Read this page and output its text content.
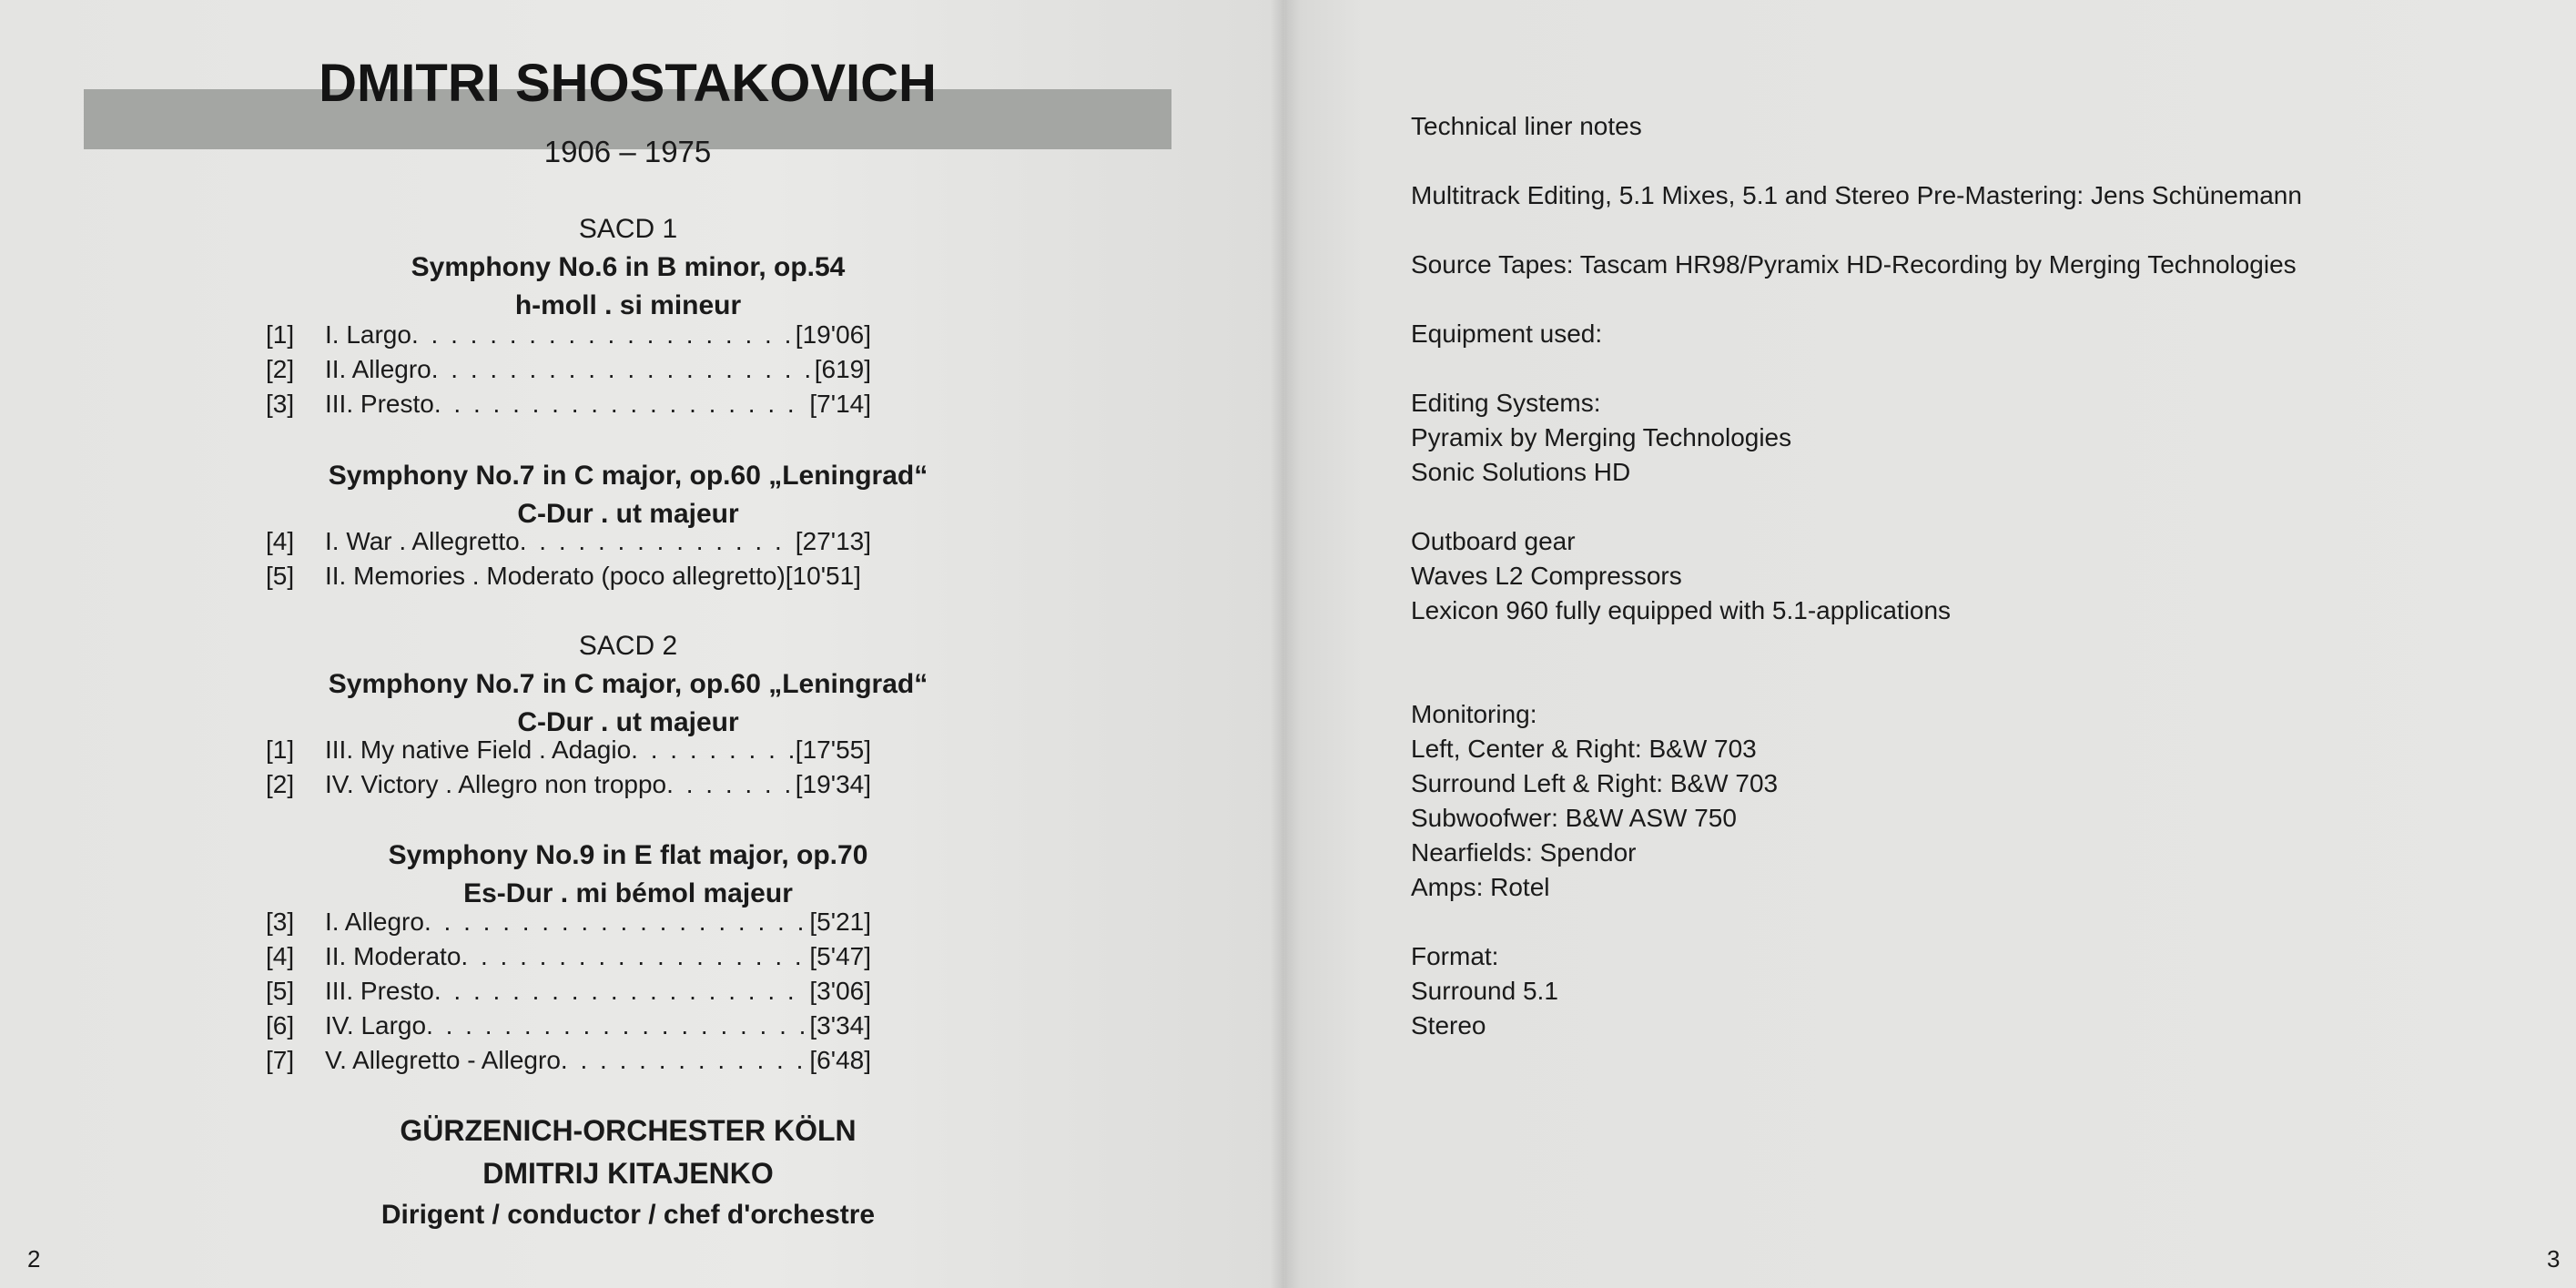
DMITRI SHOSTAKOVICH
1906 – 1975
SACD 1
Symphony No.6 in B minor, op.54
h-moll . si mineur
[1] I. Largo . . .	[19'06]
[2] II. Allegro . . .	[619]
[3] III. Presto . . .	[7'14]
Symphony No.7 in C major, op.60 „Leningrad“
C-Dur . ut majeur
[4] I. War . Allegretto . . .	[27'13]
[5] II. Memories . Moderato (poco allegretto) [10'51]
SACD 2
Symphony No.7 in C major, op.60 „Leningrad“
C-Dur . ut majeur
[1] III. My native Field . Adagio . . .	[17'55]
[2] IV. Victory . Allegro non troppo . . .	[19'34]
Symphony No.9 in E flat major, op.70
Es-Dur . mi bémol majeur
[3] I. Allegro . . .	[5'21]
[4] II. Moderato . . .	[5'47]
[5] III. Presto . . .	[3'06]
[6] IV. Largo . . .	[3'34]
[7] V. Allegretto - Allegro . . .	[6'48]
GÜRZENICH-ORCHESTER KÖLN
DMITRIJ KITAJENKO
Dirigent / conductor / chef d'orchestre
2	3
Technical liner notes
Multitrack Editing, 5.1 Mixes, 5.1 and Stereo Pre-Mastering: Jens Schünemann
Source Tapes: Tascam HR98/Pyramix HD-Recording by Merging Technologies
Equipment used:
Editing Systems:
Pyramix by Merging Technologies
Sonic Solutions HD
Outboard gear
Waves L2 Compressors
Lexicon 960 fully equipped with 5.1-applications
Monitoring:
Left, Center & Right: B&W 703
Surround Left & Right: B&W 703
Subwoofwer: B&W ASW 750
Nearfields: Spendor
Amps: Rotel
Format:
Surround 5.1
Stereo
